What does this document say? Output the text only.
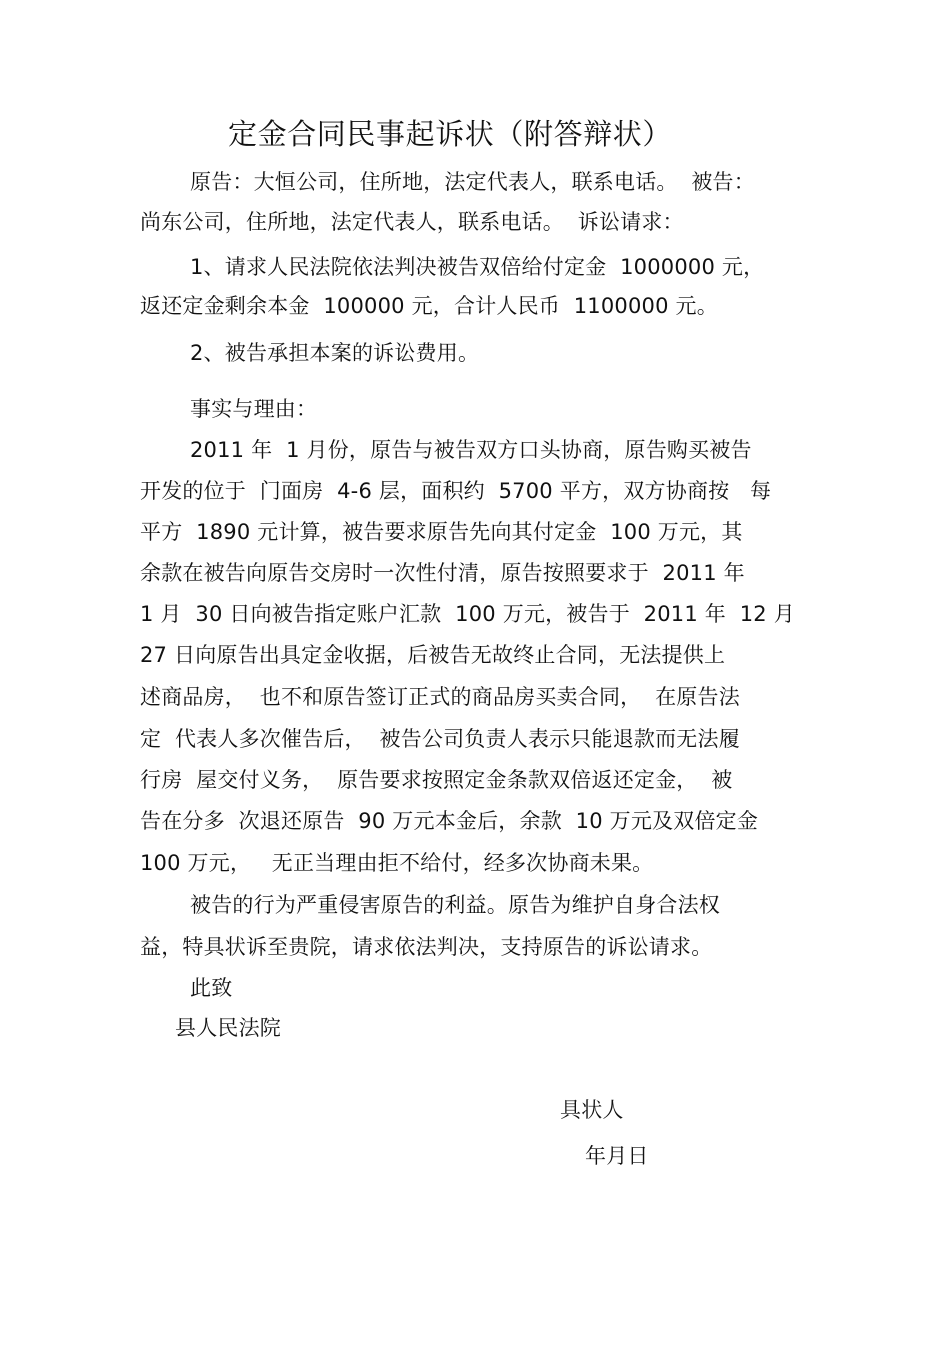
定金合同民事起诉状（附答辩状）
原告：大恒公司，住所地，法定代表人，联系电话。  被告：
尚东公司，住所地，法定代表人，联系电话。  诉讼请求：
1、请求人民法院依法判决被告双倍给付定金  1000000 元，
返还定金剩余本金  100000 元，合计人民币  1100000 元。
2、被告承担本案的诉讼费用。
事实与理由：
2011 年  1 月份，原告与被告双方口头协商，原告购买被告
开发的位于  门面房  4-6 层，面积约  5700 平方，双方协商按   每
平方  1890 元计算，被告要求原告先向其付定金  100 万元，其
余款在被告向原告交房时一次性付清，原告按照要求于  2011 年
1 月  30 日向被告指定账户汇款  100 万元，被告于  2011 年  12 月
27 日向原告出具定金收据，后被告无故终止合同，无法提供上
述商品房，  也不和原告签订正式的商品房买卖合同，  在原告法
定  代表人多次催告后，  被告公司负责人表示只能退款而无法履
行房  屋交付义务，  原告要求按照定金条款双倍返还定金，  被
告在分多  次退还原告  90 万元本金后，余款  10 万元及双倍定金
100 万元，   无正当理由拒不给付，经多次协商未果。
被告的行为严重侵害原告的利益。原告为维护自身合法权
益，特具状诉至贵院，请求依法判决，支持原告的诉讼请求。
此致
县人民法院
具状人
年月日
